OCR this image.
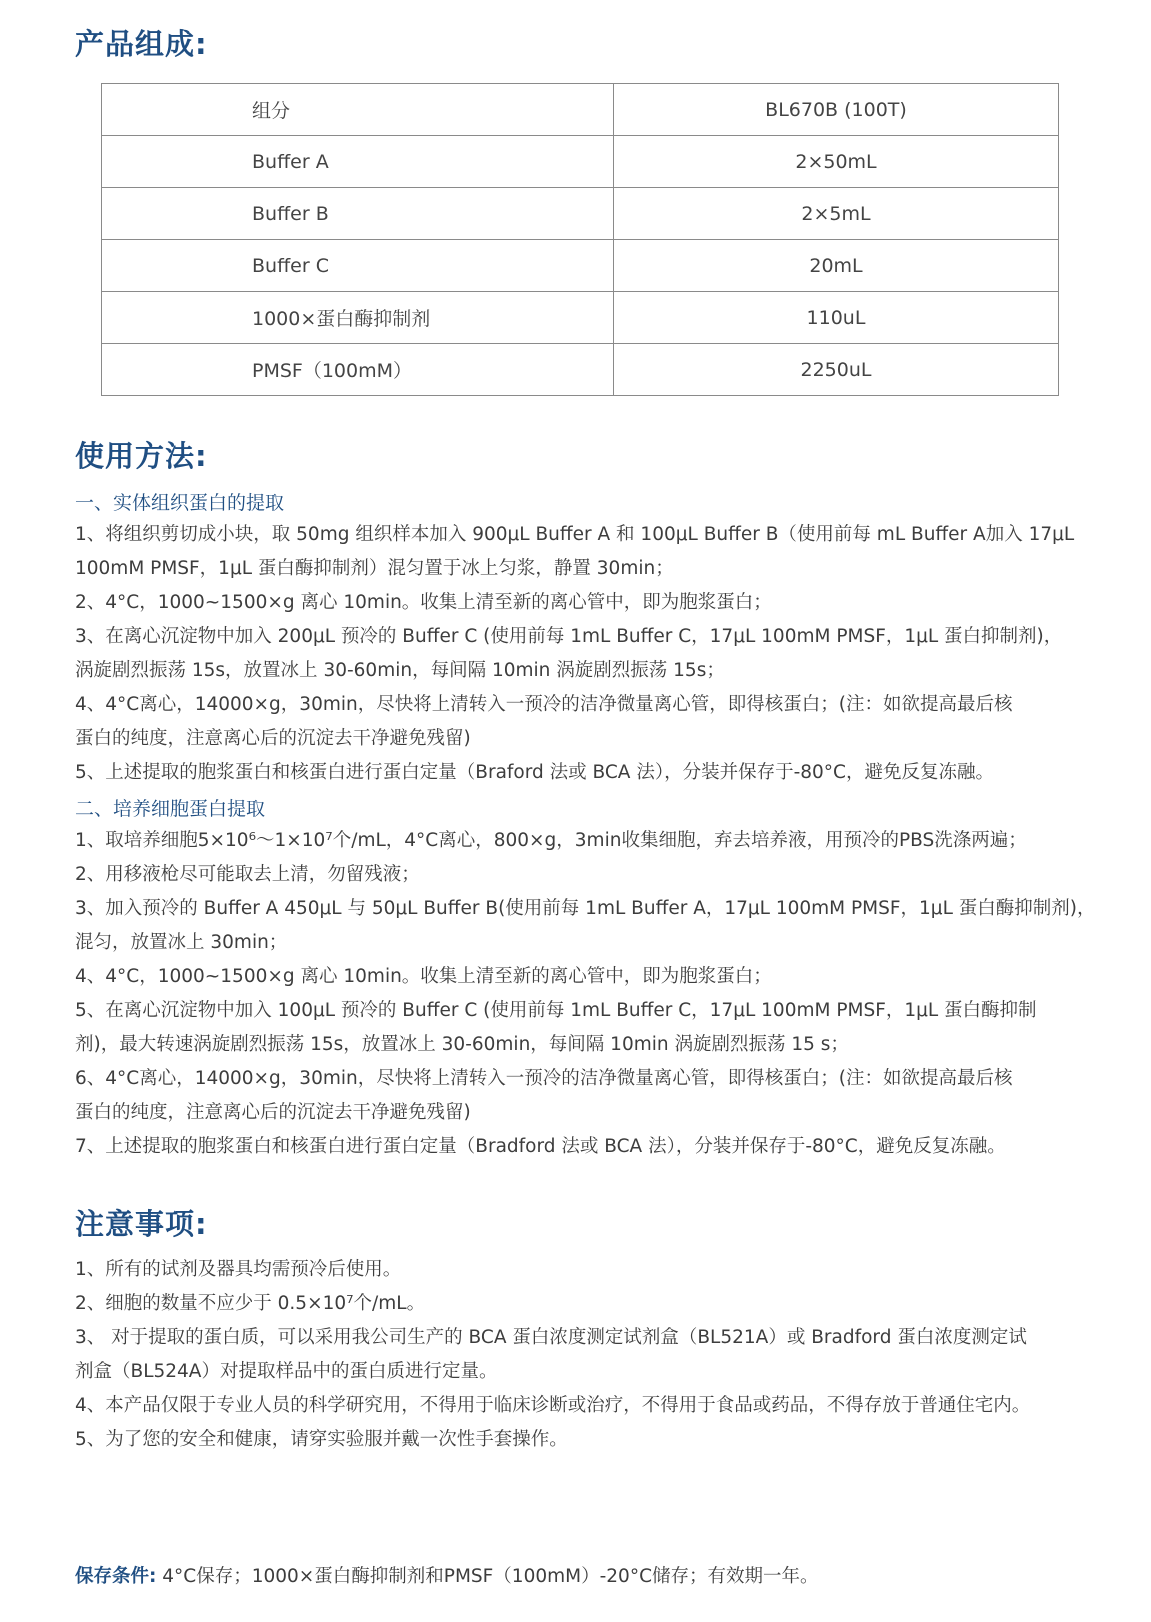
产品组成:
组分	BL670B (100T)
Buffer A	2×50mL
Buffer B	2×5mL
Buffer C	20mL
1000×蛋白酶抑制剂	110uL
PMSF（100mM）	2250uL
使用方法:
一、实体组织蛋白的提取
1、将组织剪切成小块，取 50mg 组织样本加入 900μL Buffer A 和 100μL Buffer B（使用前每 mL Buffer A加入 17μL
100mM PMSF，1μL 蛋白酶抑制剂）混匀置于冰上匀浆，静置 30min；
2、4°C，1000~1500×g 离心 10min。收集上清至新的离心管中，即为胞浆蛋白；
3、在离心沉淀物中加入 200μL 预冷的 Buffer C (使用前每 1mL Buffer C，17μL 100mM PMSF，1μL 蛋白抑制剂)，
涡旋剧烈振荡 15s，放置冰上 30-60min，每间隔 10min 涡旋剧烈振荡 15s；
4、4°C离心，14000×g，30min，尽快将上清转入一预冷的洁净微量离心管，即得核蛋白；(注：如欲提高最后核
蛋白的纯度，注意离心后的沉淀去干净避免残留)
5、上述提取的胞浆蛋白和核蛋白进行蛋白定量（Braford 法或 BCA 法），分装并保存于-80°C，避免反复冻融。
二、培养细胞蛋白提取
1、取培养细胞5×10⁶～1×10⁷个/mL，4°C离心，800×g，3min收集细胞，弃去培养液，用预冷的PBS洗涤两遍；
2、用移液枪尽可能取去上清，勿留残液；
3、加入预冷的 Buffer A 450μL 与 50μL Buffer B(使用前每 1mL Buffer A，17μL 100mM PMSF，1μL 蛋白酶抑制剂)，
混匀，放置冰上 30min；
4、4°C，1000~1500×g 离心 10min。收集上清至新的离心管中，即为胞浆蛋白；
5、在离心沉淀物中加入 100μL 预冷的 Buffer C (使用前每 1mL Buffer C，17μL 100mM PMSF，1μL 蛋白酶抑制
剂)，最大转速涡旋剧烈振荡 15s，放置冰上 30-60min，每间隔 10min 涡旋剧烈振荡 15 s；
6、4°C离心，14000×g，30min，尽快将上清转入一预冷的洁净微量离心管，即得核蛋白；(注：如欲提高最后核
蛋白的纯度，注意离心后的沉淀去干净避免残留)
7、上述提取的胞浆蛋白和核蛋白进行蛋白定量（Bradford 法或 BCA 法），分装并保存于-80°C，避免反复冻融。
注意事项:
1、所有的试剂及器具均需预冷后使用。
2、细胞的数量不应少于 0.5×10⁷个/mL。
3、 对于提取的蛋白质，可以采用我公司生产的 BCA 蛋白浓度测定试剂盒（BL521A）或 Bradford 蛋白浓度测定试
剂盒（BL524A）对提取样品中的蛋白质进行定量。
4、本产品仅限于专业人员的科学研究用，不得用于临床诊断或治疗，不得用于食品或药品，不得存放于普通住宅内。
5、为了您的安全和健康，请穿实验服并戴一次性手套操作。
保存条件: 4°C保存；1000×蛋白酶抑制剂和PMSF（100mM）-20°C储存；有效期一年。
